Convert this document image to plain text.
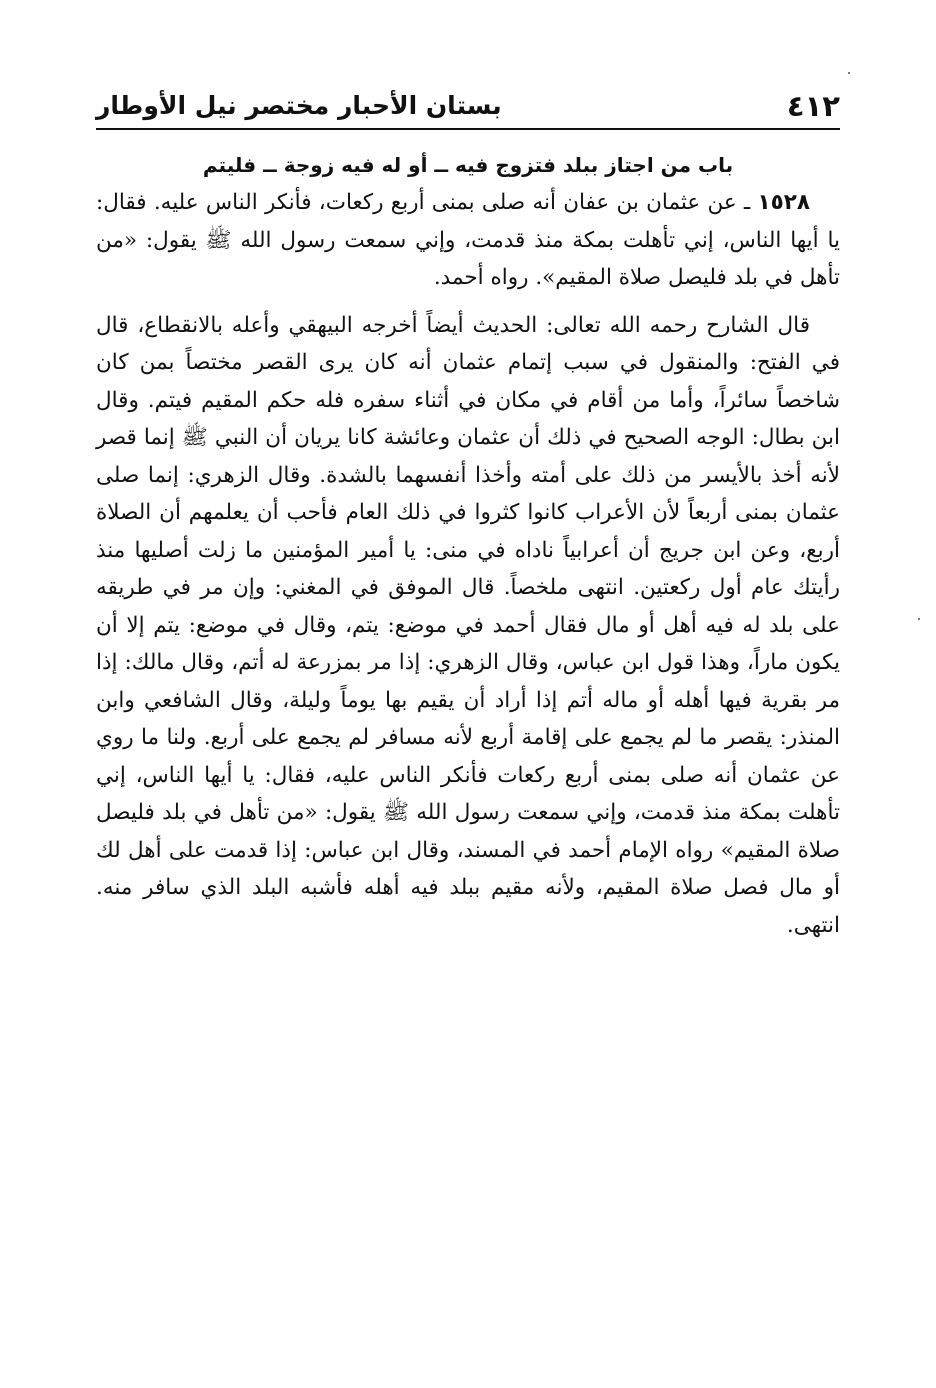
٤١٢
بستان الأحبار مختصر نيل الأوطار
باب من اجتاز ببلد فتزوج فيه ــ أو له فيه زوجة ــ فليتم

١٥٢٨ ـ عن عثمان بن عفان أنه صلى بمنى أربع ركعات، فأنكر الناس عليه. فقال: يا أيها الناس، إني تأهلت بمكة منذ قدمت، وإني سمعت رسول الله ﷺ يقول: «من تأهل في بلد فليصل صلاة المقيم». رواه أحمد.

قال الشارح رحمه الله تعالى: الحديث أيضاً أخرجه البيهقي وأعله بالانقطاع، قال في الفتح: والمنقول في سبب إتمام عثمان أنه كان يرى القصر مختصاً بمن كان شاخصاً سائراً، وأما من أقام في مكان في أثناء سفره فله حكم المقيم فيتم. وقال ابن بطال: الوجه الصحيح في ذلك أن عثمان وعائشة كانا يريان أن النبي ﷺ إنما قصر لأنه أخذ بالأيسر من ذلك على أمته وأخذا أنفسهما بالشدة. وقال الزهري: إنما صلى عثمان بمنى أربعاً لأن الأعراب كانوا كثروا في ذلك العام فأحب أن يعلمهم أن الصلاة أربع، وعن ابن جريج أن أعرابياً ناداه في منى: يا أمير المؤمنين ما زلت أصليها منذ رأيتك عام أول ركعتين. انتهى ملخصاً. قال الموفق في المغني: وإن مر في طريقه على بلد له فيه أهل أو مال فقال أحمد في موضع: يتم، وقال في موضع: يتم إلا أن يكون ماراً، وهذا قول ابن عباس، وقال الزهري: إذا مر بمزرعة له أتم، وقال مالك: إذا مر بقرية فيها أهله أو ماله أتم إذا أراد أن يقيم بها يوماً وليلة، وقال الشافعي وابن المنذر: يقصر ما لم يجمع على إقامة أربع لأنه مسافر لم يجمع على أربع. ولنا ما روي عن عثمان أنه صلى بمنى أربع ركعات فأنكر الناس عليه، فقال: يا أيها الناس، إني تأهلت بمكة منذ قدمت، وإني سمعت رسول الله ﷺ يقول: «من تأهل في بلد فليصل صلاة المقيم» رواه الإمام أحمد في المسند، وقال ابن عباس: إذا قدمت على أهل لك أو مال فصل صلاة المقيم، ولأنه مقيم ببلد فيه أهله فأشبه البلد الذي سافر منه. انتهى.
